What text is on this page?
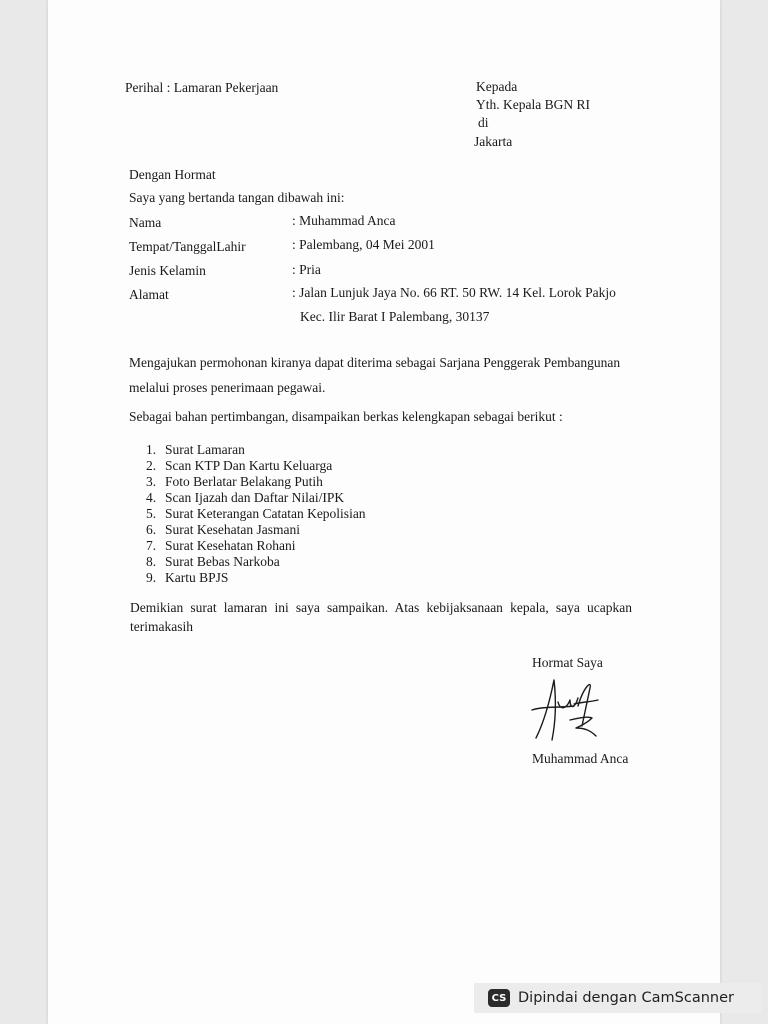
Perihal : Lamaran Pekerjaan	Kepada
Yth. Kepala BGN RI
di
Jakarta
Dengan Hormat
Saya yang bertanda tangan dibawah ini:
Nama	: Muhammad Anca
Tempat/TanggalLahir	: Palembang, 04 Mei 2001
Jenis Kelamin	: Pria
Alamat	: Jalan Lunjuk Jaya No. 66 RT. 50 RW. 14 Kel. Lorok Pakjo
Kec. Ilir Barat I Palembang, 30137
Mengajukan permohonan kiranya dapat diterima sebagai Sarjana Penggerak Pembangunan
melalui proses penerimaan pegawai.
Sebagai bahan pertimbangan, disampaikan berkas kelengkapan sebagai berikut :
1. Surat Lamaran
2. Scan KTP Dan Kartu Keluarga
3. Foto Berlatar Belakang Putih
4. Scan Ijazah dan Daftar Nilai/IPK
5. Surat Keterangan Catatan Kepolisian
6. Surat Kesehatan Jasmani
7. Surat Kesehatan Rohani
8. Surat Bebas Narkoba
9. Kartu BPJS
Demikian surat lamaran ini saya sampaikan. Atas kebijaksanaan kepala, saya ucapkan
terimakasih
Hormat Saya
Muhammad Anca
CS Dipindai dengan CamScanner
